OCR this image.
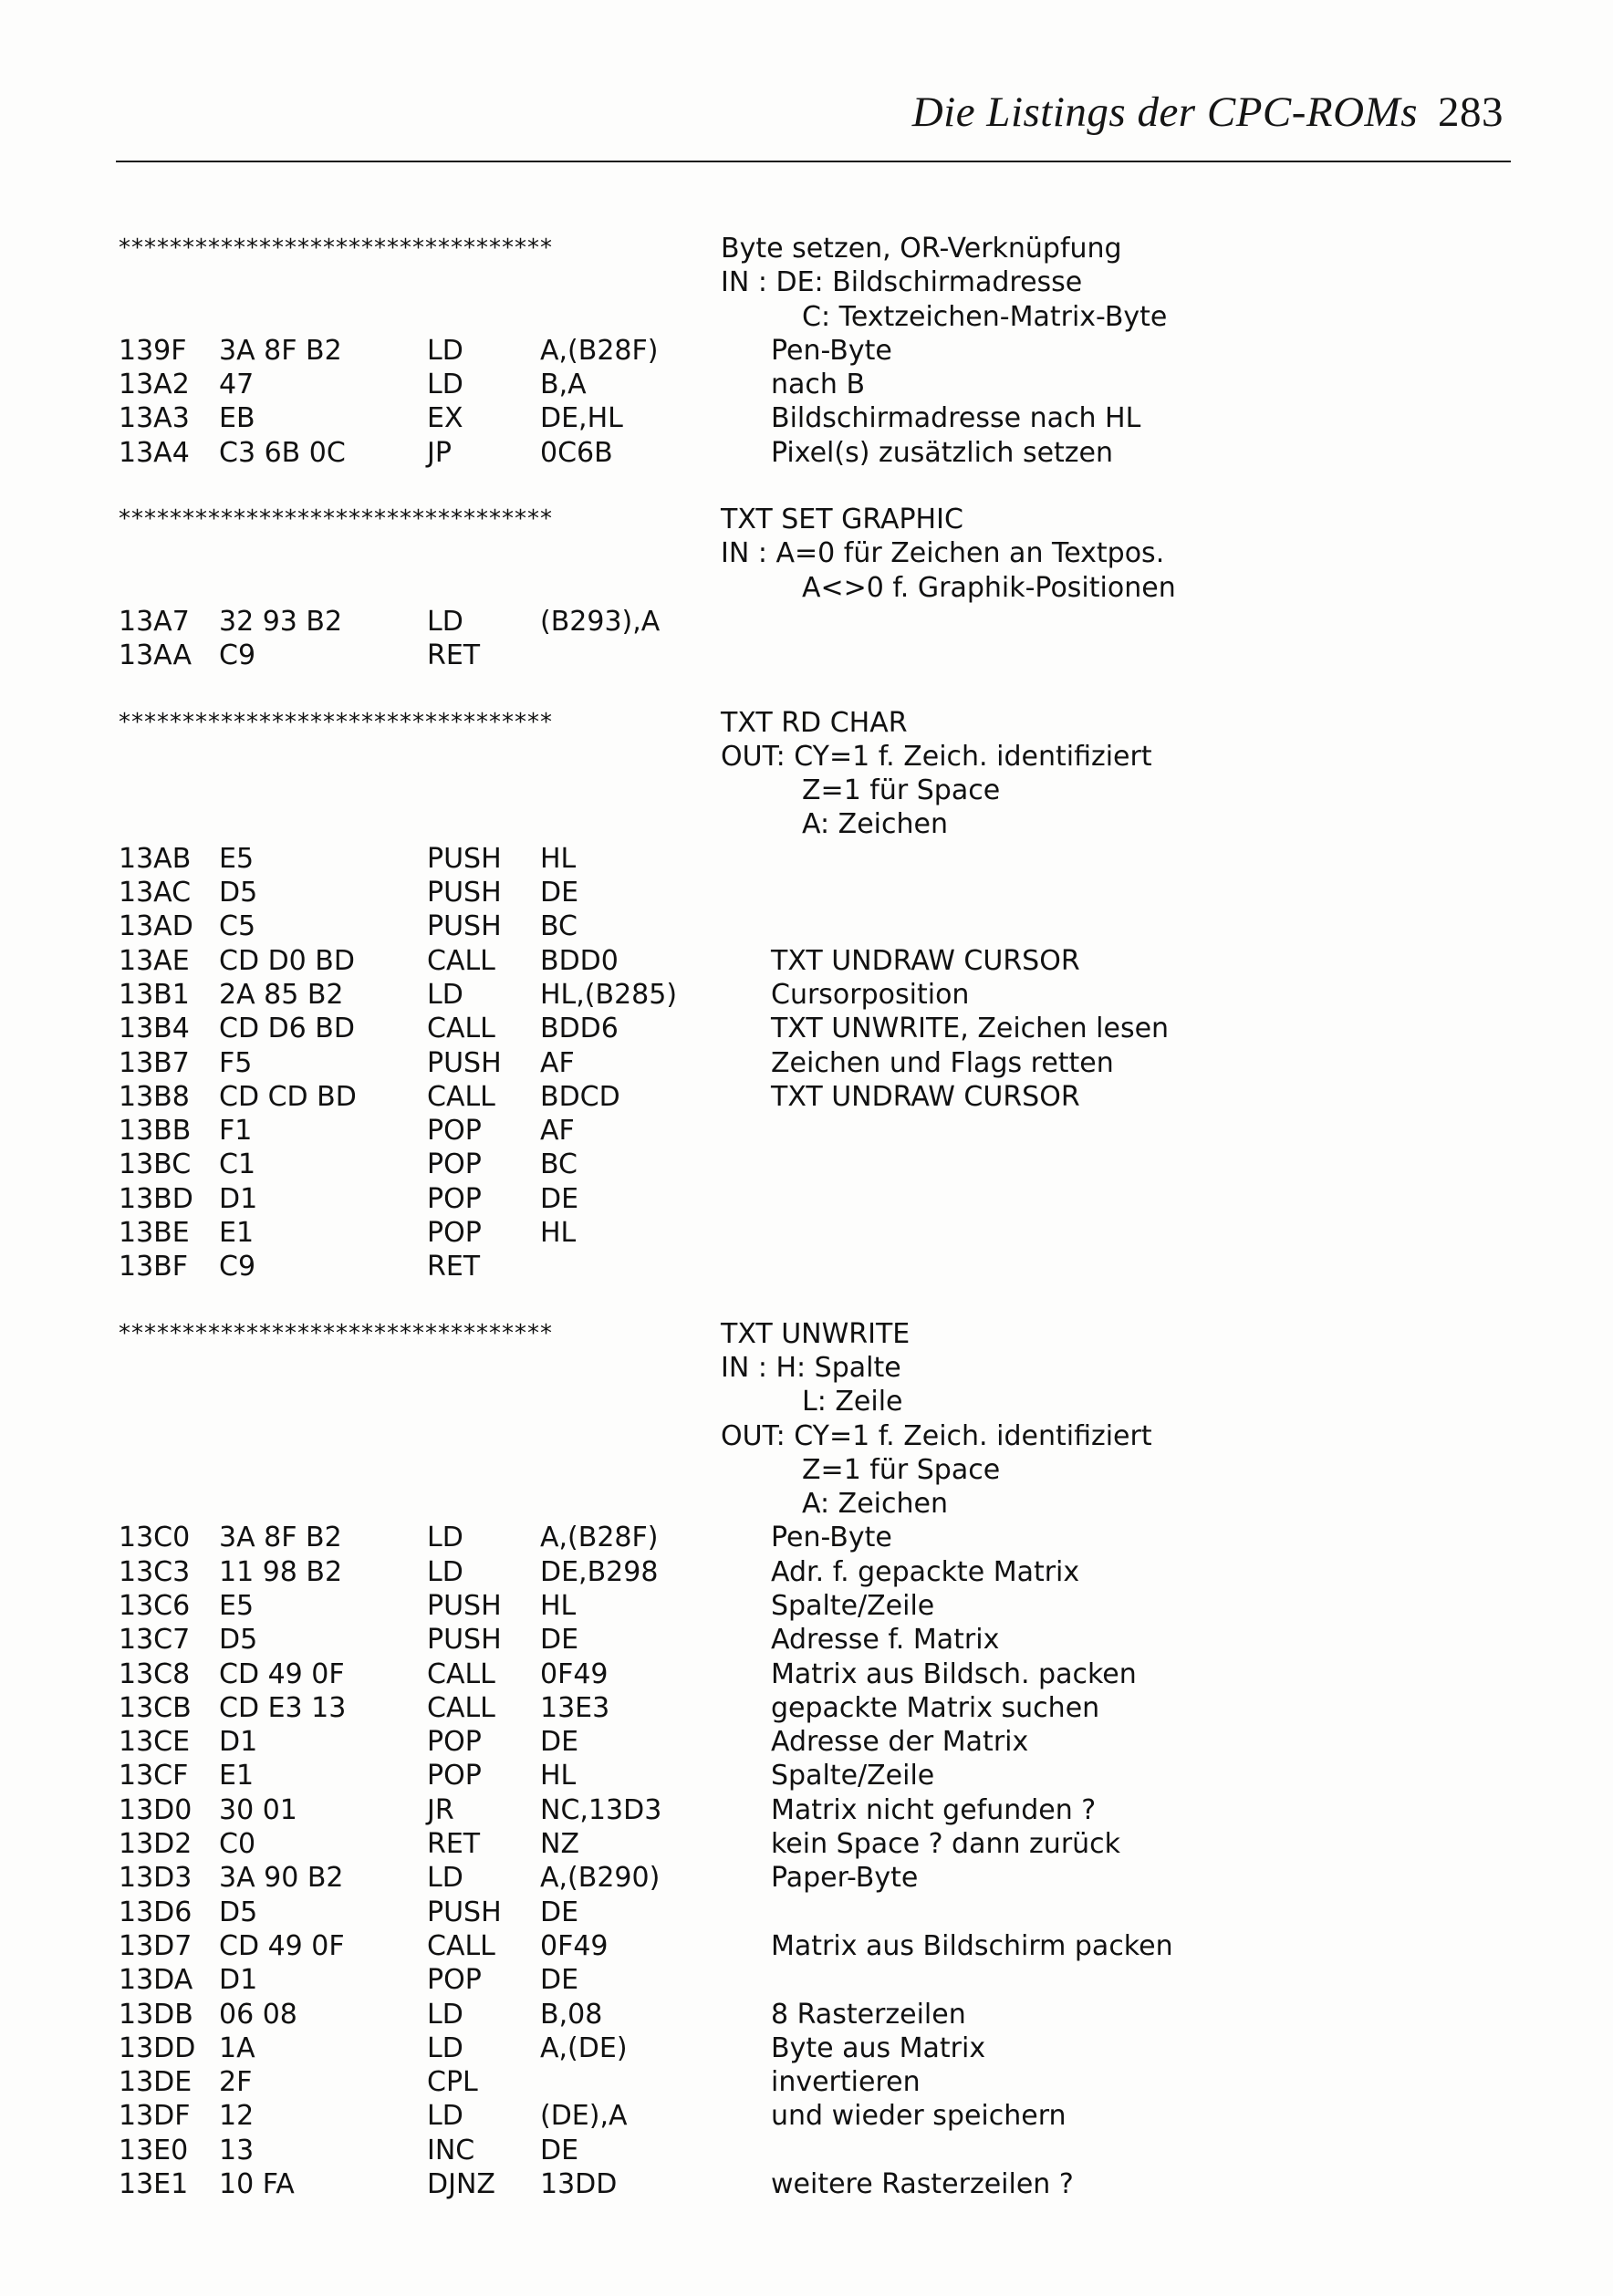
Die Listings der CPC-ROMs 283
**********************************	Byte setzen, OR-Verknüpfung
IN : DE: Bildschirmadresse
C: Textzeichen-Matrix-Byte
139F 3A 8F B2	LD	A,(B28F)	Pen-Byte
13A2 47	LD	B,A	nach B
13A3 EB	EX	DE,HL	Bildschirmadresse nach HL
13A4 C3 6B 0C	JP	0C6B	Pixel(s) zusätzlich setzen
**********************************	TXT SET GRAPHIC
IN : A=0 für Zeichen an Textpos.
A<>0 f. Graphik-Positionen
13A7 32 93 B2	LD	(B293),A
13AA C9	RET
**********************************	TXT RD CHAR
OUT: CY=1 f. Zeich. identifiziert
Z=1 für Space
A: Zeichen
13AB E5	PUSH HL
13AC D5	PUSH DE
13AD C5	PUSH BC
13AE CD D0 BD	CALL BDD0	TXT UNDRAW CURSOR
13B1 2A 85 B2	LD	HL,(B285)	Cursorposition
13B4 CD D6 BD	CALL BDD6	TXT UNWRITE, Zeichen lesen
13B7 F5	PUSH AF	Zeichen und Flags retten
13B8 CD CD BD	CALL BDCD	TXT UNDRAW CURSOR
13BB F1	POP AF
13BC C1	POP BC
13BD D1	POP DE
13BE E1	POP HL
13BF C9	RET
**********************************	TXT UNWRITE
IN : H: Spalte
L: Zeile
OUT: CY=1 f. Zeich. identifiziert
Z=1 für Space
A: Zeichen
13C0 3A 8F B2	LD	A,(B28F)	Pen-Byte
13C3 11 98 B2	LD	DE,B298	Adr. f. gepackte Matrix
13C6 E5	PUSH HL	Spalte/Zeile
13C7 D5	PUSH DE	Adresse f. Matrix
13C8 CD 49 0F	CALL 0F49	Matrix aus Bildsch. packen
13CB CD E3 13	CALL 13E3	gepackte Matrix suchen
13CE D1	POP DE	Adresse der Matrix
13CF E1	POP HL	Spalte/Zeile
13D0 30 01	JR	NC,13D3	Matrix nicht gefunden ?
13D2 C0	RET NZ	kein Space ? dann zurück
13D3 3A 90 B2	LD	A,(B290)	Paper-Byte
13D6 D5	PUSH DE
13D7 CD 49 0F	CALL 0F49	Matrix aus Bildschirm packen
13DA D1	POP DE
13DB 06 08	LD	B,08	8 Rasterzeilen
13DD 1A	LD	A,(DE)	Byte aus Matrix
13DE 2F	CPL	invertieren
13DF 12	LD	(DE),A	und wieder speichern
13E0 13	INC DE
13E1 10 FA	DJNZ 13DD	weitere Rasterzeilen ?
